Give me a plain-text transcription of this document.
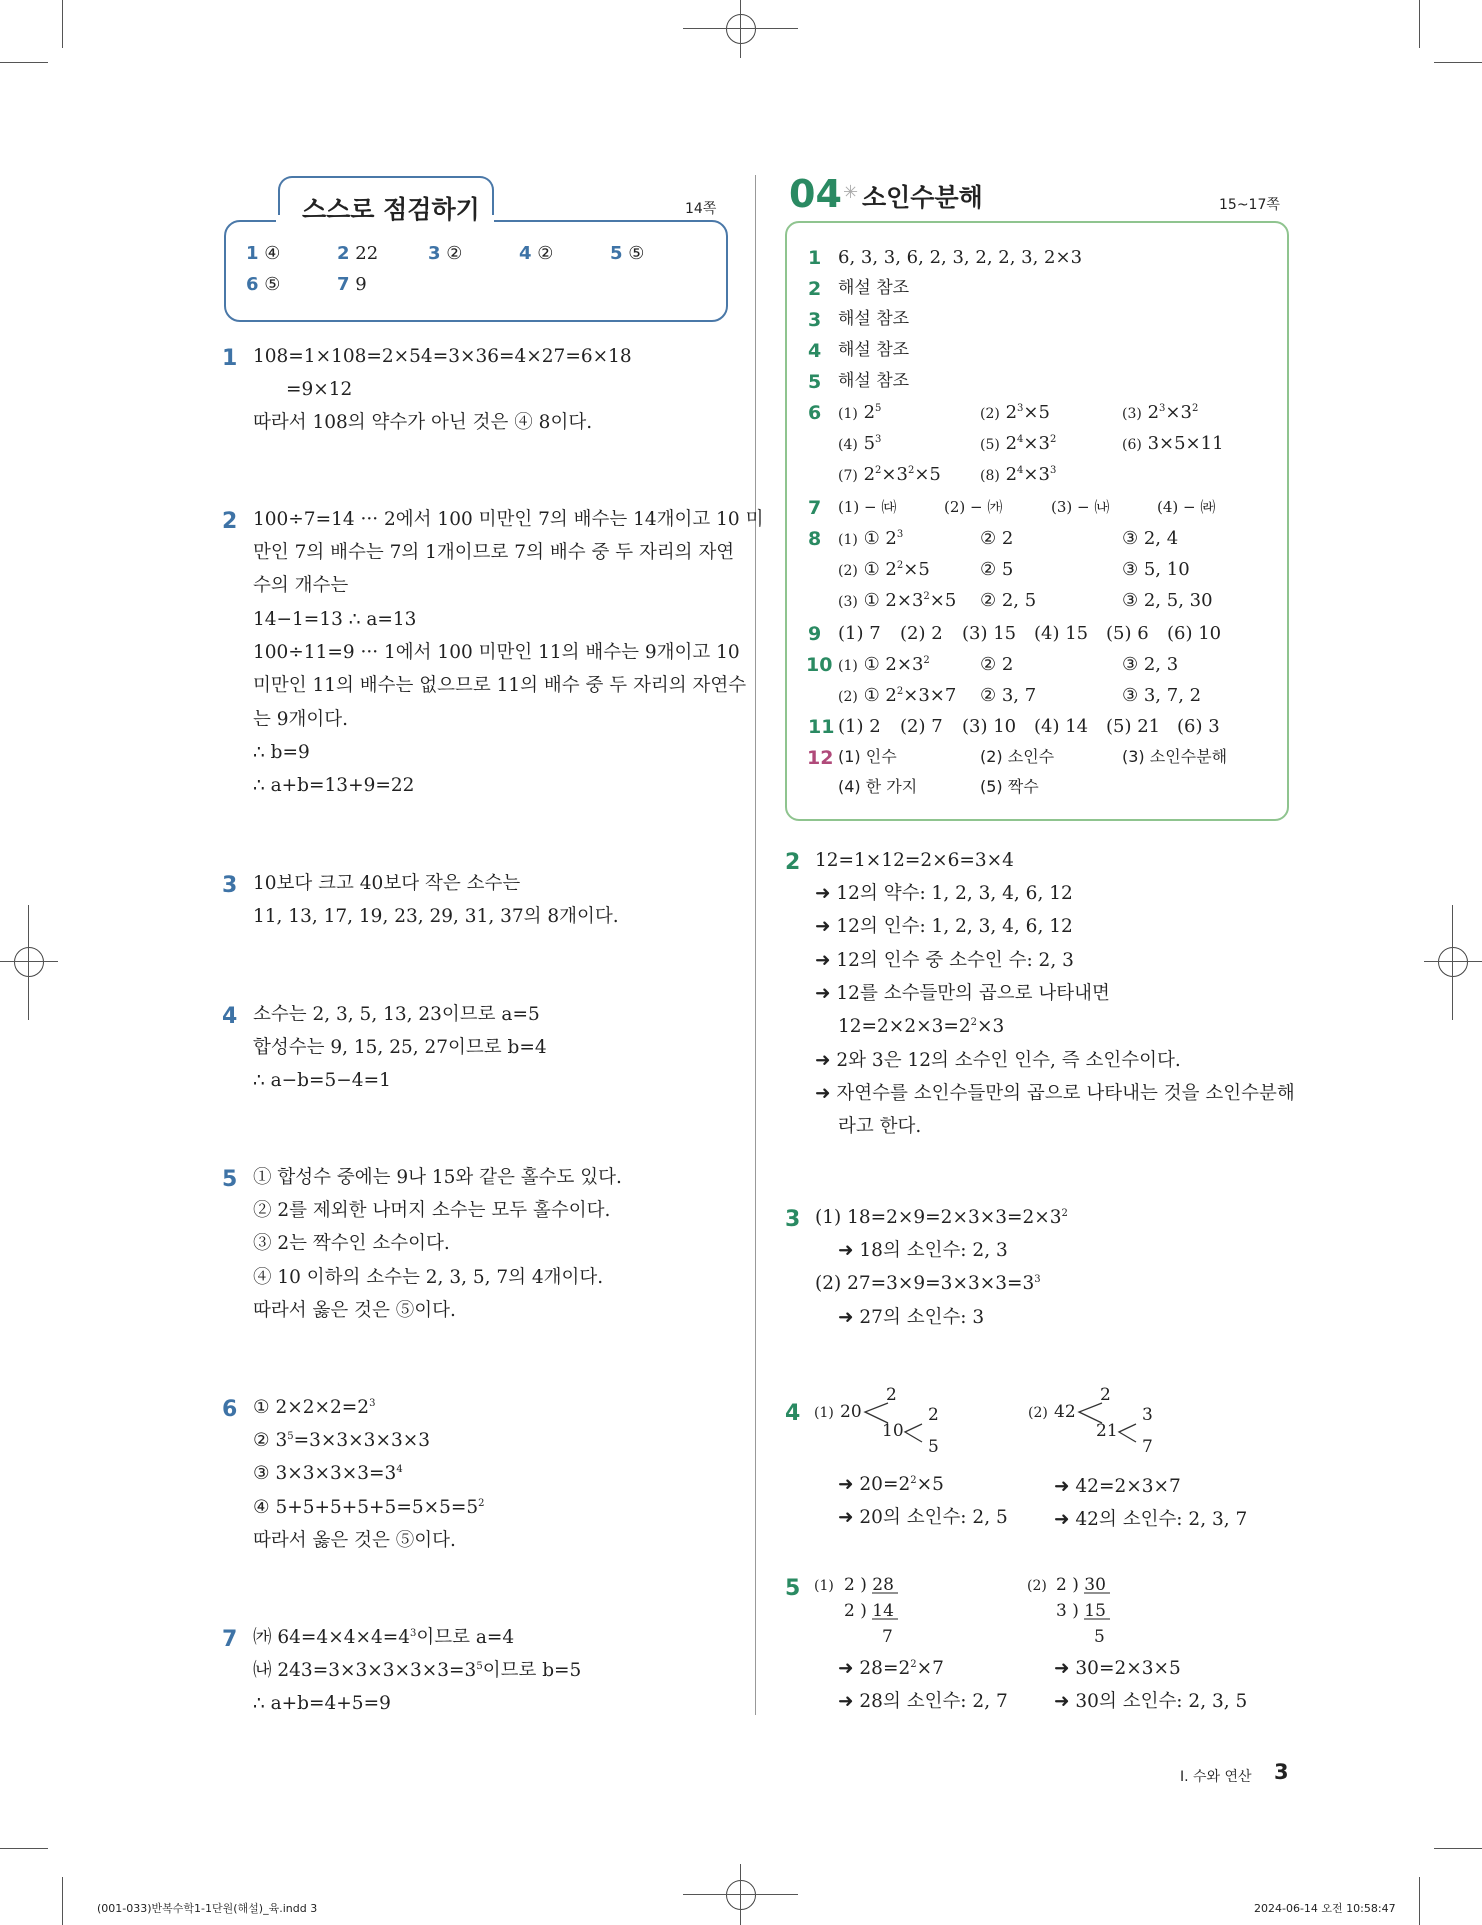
스스로 점검하기	14쪽
1 ④	2 22	3 ②	4 ②	5 ⑤
6 ⑤	7 9
1 108=1×108=2×54=3×36=4×27=6×18
=9×12
따라서 108의 약수가 아닌 것은 ④ 8이다.
2 100÷7=14 ··· 2에서 100 미만인 7의 배수는 14개이고 10 미
만인 7의 배수는 7의 1개이므로 7의 배수 중 두 자리의 자연
수의 개수는
14−1=13 ∴ a=13
100÷11=9 ··· 1에서 100 미만인 11의 배수는 9개이고 10
미만인 11의 배수는 없으므로 11의 배수 중 두 자리의 자연수
는 9개이다.
∴ b=9
∴ a+b=13+9=22
3 10보다 크고 40보다 작은 소수는
11, 13, 17, 19, 23, 29, 31, 37의 8개이다.
4 소수는 2, 3, 5, 13, 23이므로 a=5
합성수는 9, 15, 25, 27이므로 b=4
∴ a−b=5−4=1
5 ① 합성수 중에는 9나 15와 같은 홀수도 있다.
② 2를 제외한 나머지 소수는 모두 홀수이다.
③ 2는 짝수인 소수이다.
④ 10 이하의 소수는 2, 3, 5, 7의 4개이다.
따라서 옳은 것은 ⑤이다.
6 ① $2\times 2\times 2=2^3$
② $3^5=3\times 3\times 3\times 3\times 3$
③ $3\times 3\times 3\times 3=3^4$
④ $5+5+5+5+5=5\times 5=5^2$
따라서 옳은 것은 ⑤이다.
7 ㈎ $64=4\times 4\times 4=4^3$이므로 a=4
㈏ $243=3\times 3\times 3\times 3\times 3=3^5$이므로 b=5
∴ a+b=4+5=9
04 ✳ 소인수분해	15~17쪽
1 6, 3, 3, 6, 2, 3, 2, 2, 3, 2×3
2 해설 참조
3 해설 참조
4 해설 참조
5 해설 참조
6 (1) $2^5$	(2) $2^3\times 5$	(3) $2^3\times 3^2$
(4) $5^3$	(5) $2^4\times 3^2$	(6) 3×5×11
(7) $2^2\times 3^2\times 5$	(8) $2^4\times 3^3$
7 (1) − ㈐	(2) − ㈎	(3) − ㈏	(4) − ㈑
8 (1) ① $2^3$	② 2	③ 2, 4
(2) ① $2^2\times 5$	② 5	③ 5, 10
(3) ① $2\times 3^2\times 5$ ② 2, 5	③ 2, 5, 30
9 (1) 7 (2) 2 (3) 15 (4) 15 (5) 6 (6) 10
10 (1) ① $2\times 3^2$	② 2	③ 2, 3
(2) ① $2^2\times 3\times 7$ ② 3, 7	③ 3, 7, 2
11 (1) 2 (2) 7 (3) 10 (4) 14 (5) 21 (6) 3
12 (1) 인수	(2) 소인수	(3) 소인수분해
(4) 한 가지	(5) 짝수
2 12=1×12=2×6=3×4
➜ 12의 약수: 1, 2, 3, 4, 6, 12
➜ 12의 인수: 1, 2, 3, 4, 6, 12
➜ 12의 인수 중 소수인 수: 2, 3
➜ 12를 소수들만의 곱으로 나타내면
$12=2\times 2\times 3=2^2\times 3$
➜ 2와 3은 12의 소수인 인수, 즉 소인수이다.
➜ 자연수를 소인수들만의 곱으로 나타내는 것을 소인수분해
라고 한다.
3 (1) $18=2\times 9=2\times 3\times 3=2\times 3^2$
➜ 18의 소인수: 2, 3
(2) $27=3\times 9=3\times 3\times 3=3^3$
➜ 27의 소인수: 3
4 (1) 20
2
10
2
5
(2) 42
2
21
3
7
➜ $20=2^2\times 5$
➜ 20의 소인수: 2, 5
➜ 42=2×3×7
➜ 42의 소인수: 2, 3, 7
5 (1) 2 ) 28
2 ) 14
7
(2) 2 ) 30
3 ) 15
5
➜ $28=2^2\times 7$
➜ 28의 소인수: 2, 7
➜ 30=2×3×5
➜ 30의 소인수: 2, 3, 5
I. 수와 연산 3
(001-033)반복수학1-1단원(해설)_육.indd 3	2024-06-14 오전 10:58:47
